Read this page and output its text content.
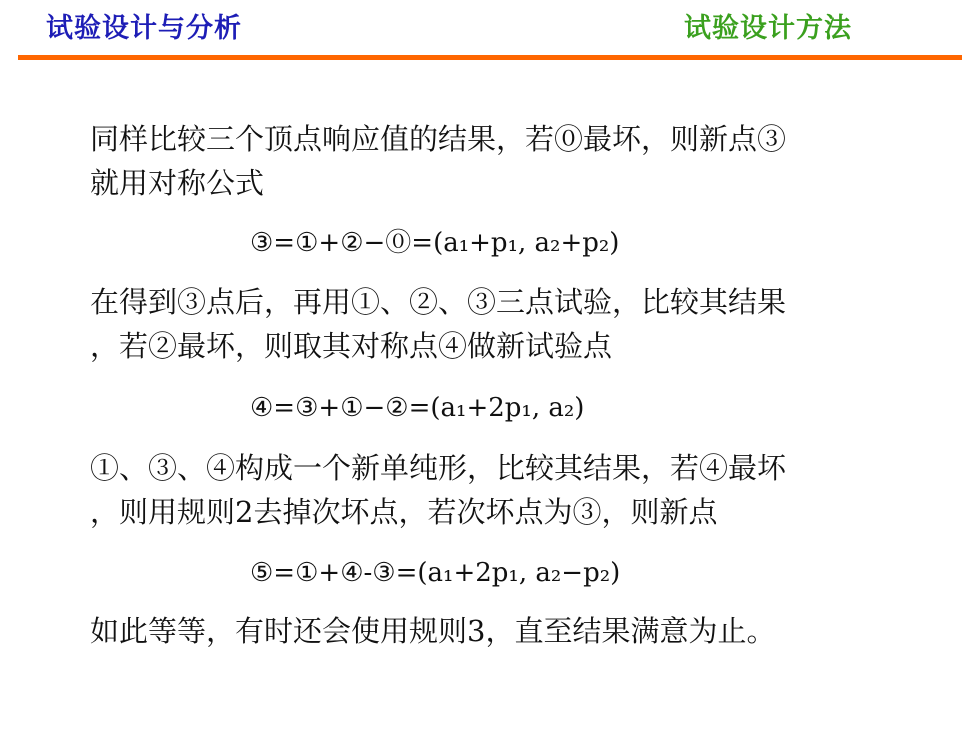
试验设计与分析	试验设计方法
同样比较三个顶点响应值的结果，若⓪最坏，则新点③
就用对称公式
③=①+②−⓪=(a₁+p₁, a₂+p₂)
在得到③点后，再用①、②、③三点试验，比较其结果
，若②最坏，则取其对称点④做新试验点
④=③+①−②=(a₁+2p₁, a₂)
①、③、④构成一个新单纯形，比较其结果，若④最坏
，则用规则2去掉次坏点，若次坏点为③，则新点
⑤=①+④-③=(a₁+2p₁, a₂−p₂)
如此等等，有时还会使用规则3，直至结果满意为止。
